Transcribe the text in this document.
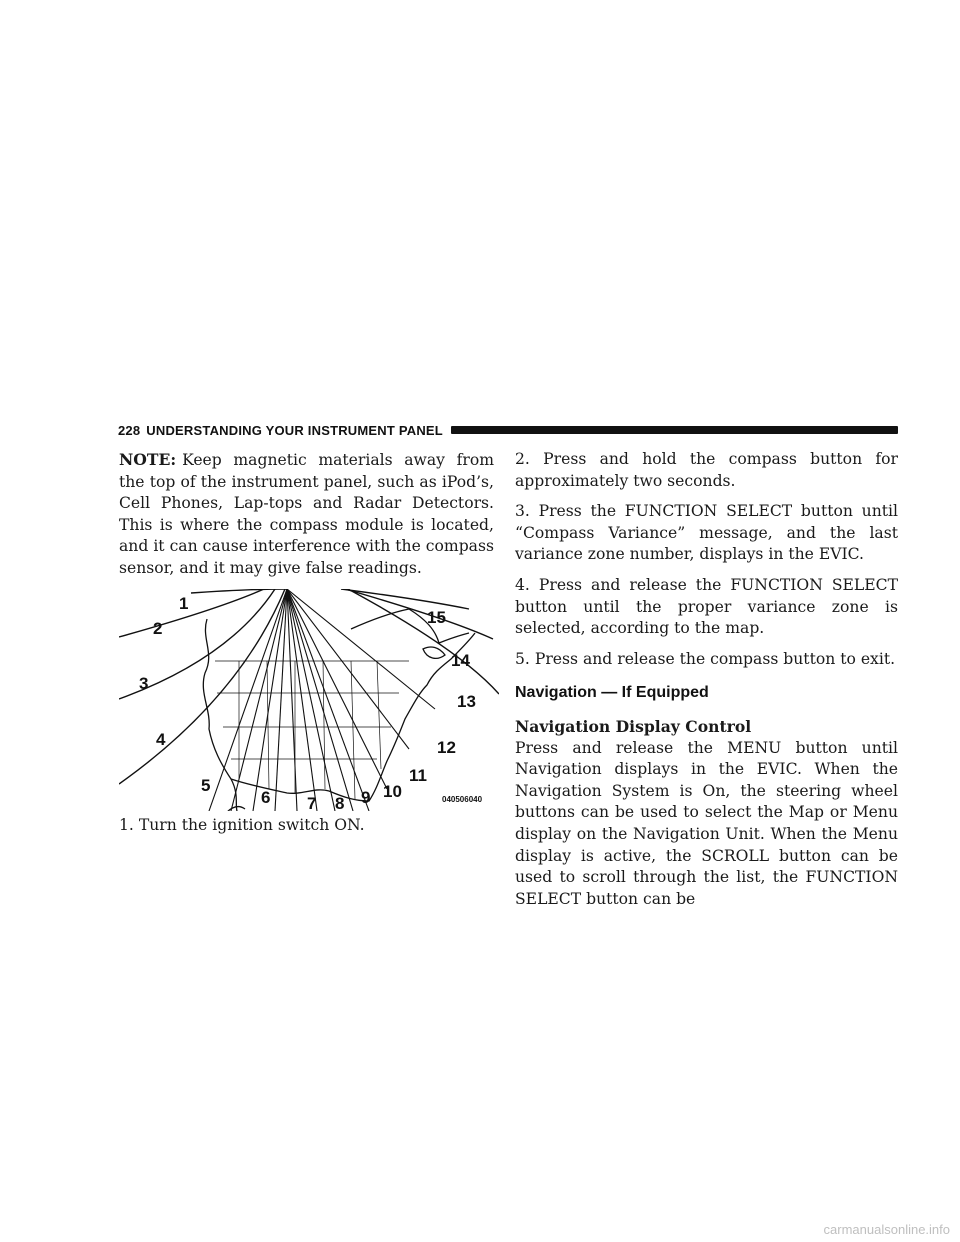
228 UNDERSTANDING YOUR INSTRUMENT PANEL

NOTE: Keep magnetic materials away from the top of the instrument panel, such as iPod’s, Cell Phones, Lap-tops and Radar Detectors. This is where the compass module is located, and it can cause interference with the compass sensor, and it may give false readings.

1
2
3
4
5
6 7 8 9 10
11
12
13
14
15
040506040

1. Turn the ignition switch ON.

2. Press and hold the compass button for approximately two seconds.

3. Press the FUNCTION SELECT button until “Compass Variance” message, and the last variance zone number, displays in the EVIC.

4. Press and release the FUNCTION SELECT button until the proper variance zone is selected, according to the map.

5. Press and release the compass button to exit.

Navigation — If Equipped
Navigation Display Control

Press and release the MENU button until Navigation displays in the EVIC. When the Navigation System is On, the steering wheel buttons can be used to select the Map or Menu display on the Navigation Unit. When the Menu display is active, the SCROLL button can be used to scroll through the list, the FUNCTION SELECT button can be

carmanualsonline.info
